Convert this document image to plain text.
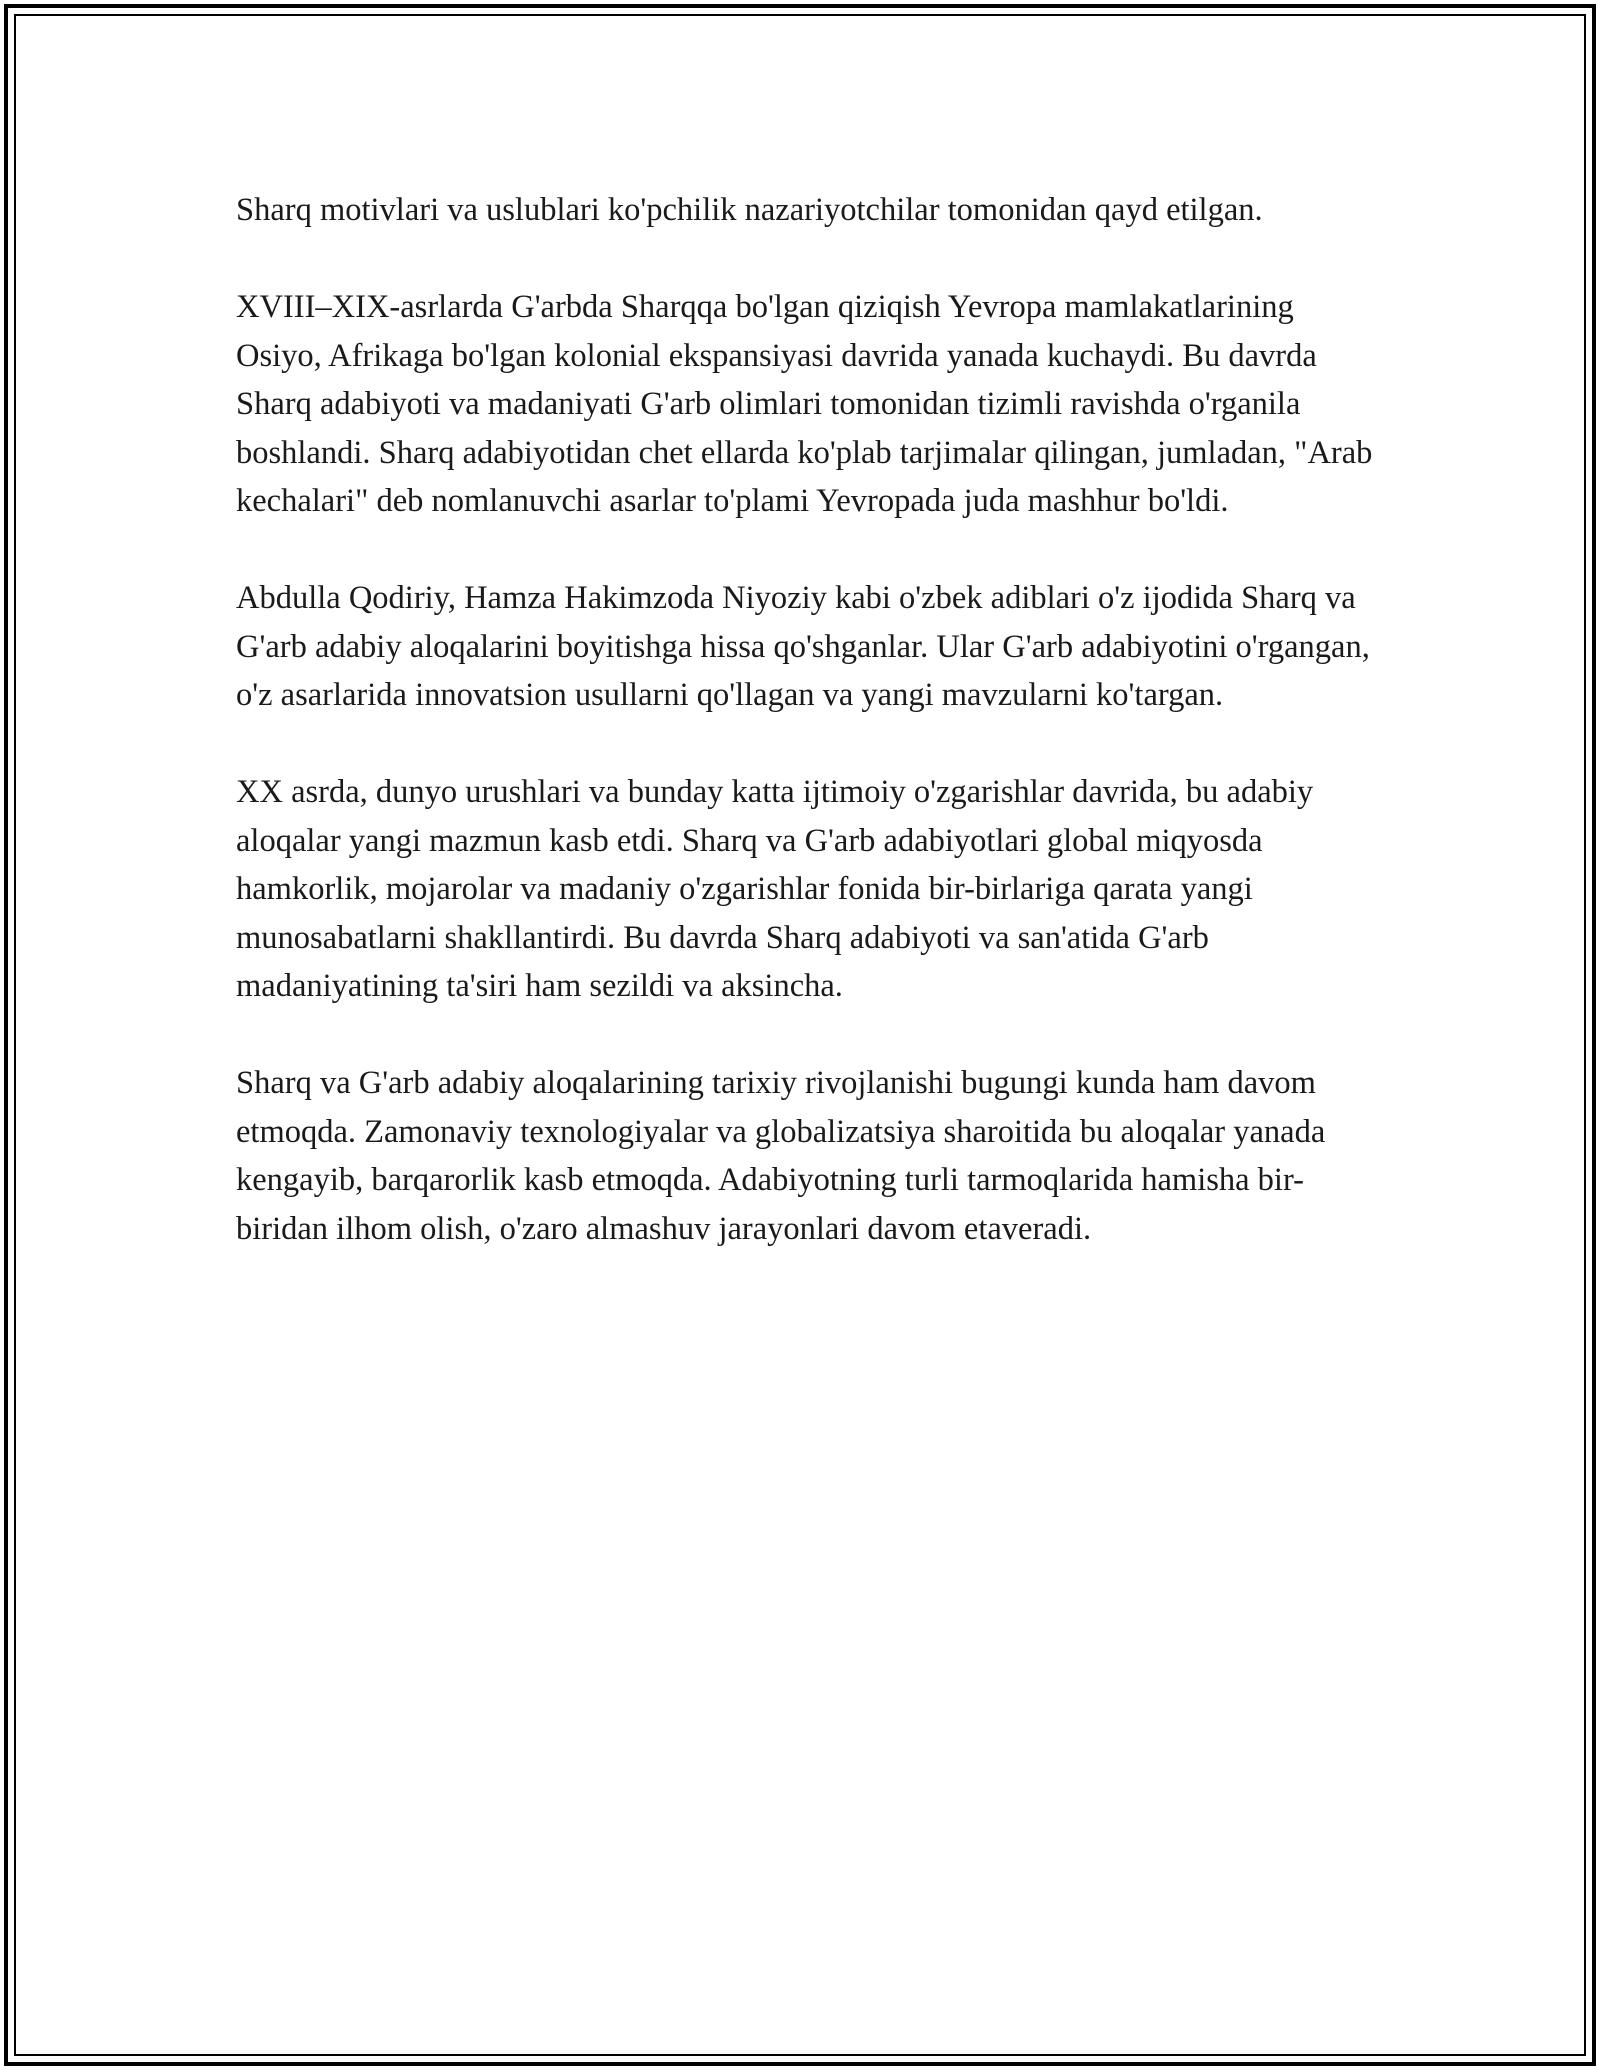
Sharq motivlari va uslublari ko'pchilik nazariyotchilar tomonidan qayd etilgan.

XVIII–XIX-asrlarda G'arbda Sharqqa bo'lgan qiziqish Yevropa mamlakatlarining Osiyo, Afrikaga bo'lgan kolonial ekspansiyasi davrida yanada kuchaydi. Bu davrda Sharq adabiyoti va madaniyati G'arb olimlari tomonidan tizimli ravishda o'rganila boshlandi. Sharq adabiyotidan chet ellarda ko'plab tarjimalar qilingan, jumladan, "Arab kechalari" deb nomlanuvchi asarlar to'plami Yevropada juda mashhur bo'ldi.

Abdulla Qodiriy, Hamza Hakimzoda Niyoziy kabi o'zbek adiblari o'z ijodida Sharq va G'arb adabiy aloqalarini boyitishga hissa qo'shganlar. Ular G'arb adabiyotini o'rgangan, o'z asarlarida innovatsion usullarni qo'llagan va yangi mavzularni ko'targan.

XX asrda, dunyo urushlari va bunday katta ijtimoiy o'zgarishlar davrida, bu adabiy aloqalar yangi mazmun kasb etdi. Sharq va G'arb adabiyotlari global miqyosda hamkorlik, mojarolar va madaniy o'zgarishlar fonida bir-birlariga qarata yangi munosabatlarni shakllantirdi. Bu davrda Sharq adabiyoti va san'atida G'arb madaniyatining ta'siri ham sezildi va aksincha.

Sharq va G'arb adabiy aloqalarining tarixiy rivojlanishi bugungi kunda ham davom etmoqda. Zamonaviy texnologiyalar va globalizatsiya sharoitida bu aloqalar yanada kengayib, barqarorlik kasb etmoqda. Adabiyotning turli tarmoqlarida hamisha bir-biridan ilhom olish, o'zaro almashuv jarayonlari davom etaveradi.
